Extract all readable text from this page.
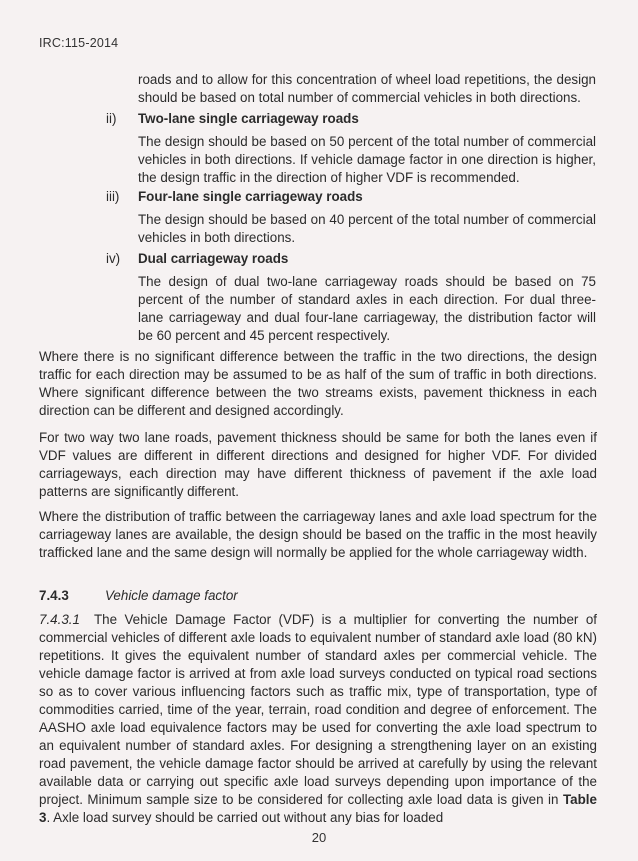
IRC:115-2014

roads and to allow for this concentration of wheel load repetitions, the design should be based on total number of commercial vehicles in both directions.

ii)	Two-lane single carriageway roads

The design should be based on 50 percent of the total number of commercial vehicles in both directions. If vehicle damage factor in one direction is higher, the design traffic in the direction of higher VDF is recommended.

iii)	Four-lane single carriageway roads

The design should be based on 40 percent of the total number of commercial vehicles in both directions.

iv)	Dual carriageway roads

The design of dual two-lane carriageway roads should be based on 75 percent of the number of standard axles in each direction. For dual three-lane carriageway and dual four-lane carriageway, the distribution factor will be 60 percent and 45 percent respectively.

Where there is no significant difference between the traffic in the two directions, the design traffic for each direction may be assumed to be as half of the sum of traffic in both directions. Where significant difference between the two streams exists, pavement thickness in each direction can be different and designed accordingly.

For two way two lane roads, pavement thickness should be same for both the lanes even if VDF values are different in different directions and designed for higher VDF. For divided carriageways, each direction may have different thickness of pavement if the axle load patterns are significantly different.

Where the distribution of traffic between the carriageway lanes and axle load spectrum for the carriageway lanes are available, the design should be based on the traffic in the most heavily trafficked lane and the same design will normally be applied for the whole carriageway width.

7.4.3	Vehicle damage factor

7.4.3.1 The Vehicle Damage Factor (VDF) is a multiplier for converting the number of commercial vehicles of different axle loads to equivalent number of standard axle load (80 kN) repetitions. It gives the equivalent number of standard axles per commercial vehicle. The vehicle damage factor is arrived at from axle load surveys conducted on typical road sections so as to cover various influencing factors such as traffic mix, type of transportation, type of commodities carried, time of the year, terrain, road condition and degree of enforcement. The AASHO axle load equivalence factors may be used for converting the axle load spectrum to an equivalent number of standard axles. For designing a strengthening layer on an existing road pavement, the vehicle damage factor should be arrived at carefully by using the relevant available data or carrying out specific axle load surveys depending upon importance of the project. Minimum sample size to be considered for collecting axle load data is given in Table 3. Axle load survey should be carried out without any bias for loaded

20
